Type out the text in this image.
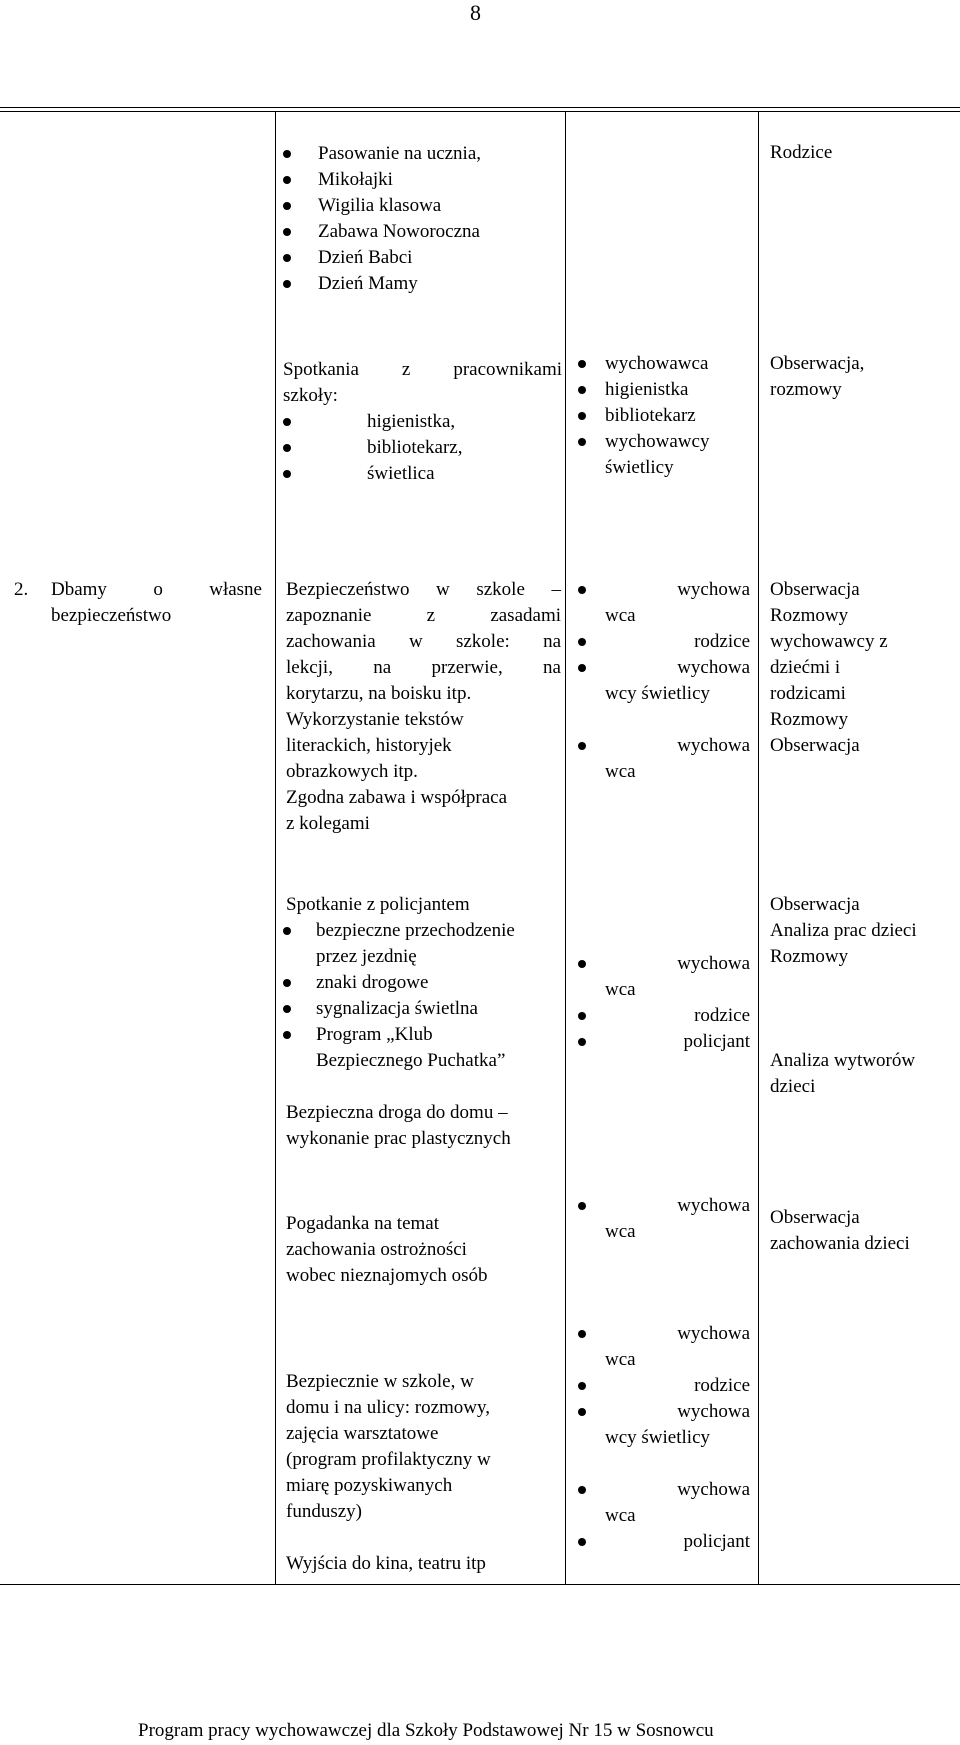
8
Pasowanie na ucznia,
Mikołajki
Wigilia klasowa
Zabawa Noworoczna
Dzień Babci
Dzień Mamy
Rodzice
Spotkania z pracownikami
szkoły:
higienistka,
bibliotekarz,
świetlica
wychowawca
higienistka
bibliotekarz
wychowawcy
świetlicy
Obserwacja,
rozmowy
2.	Dbamy o własne
bezpieczeństwo
Bezpieczeństwo w szkole –
zapoznanie z zasadami
zachowania w szkole: na
lekcji, na przerwie, na
korytarzu, na boisku itp.
Wykorzystanie tekstów
literackich, historyjek
obrazkowych itp.
Zgodna zabawa i współpraca
z kolegami
wychowa
wca
rodzice
wychowa
wcy świetlicy
wychowa
wca
Obserwacja
Rozmowy
wychowawcy z
dziećmi i
rodzicami
Rozmowy
Obserwacja
Spotkanie z policjantem
bezpieczne przechodzenie
przez jezdnię
znaki drogowe
sygnalizacja świetlna
Program „Klub
Bezpiecznego Puchatka”
Bezpieczna droga do domu –
wykonanie prac plastycznych
wychowa
wca
rodzice
policjant
Obserwacja
Analiza prac dzieci
Rozmowy
Analiza wytworów
dzieci
Pogadanka na temat
zachowania ostrożności
wobec nieznajomych osób
wychowa
wca
Obserwacja
zachowania dzieci
Bezpiecznie w szkole, w
domu i na ulicy: rozmowy,
zajęcia warsztatowe
(program profilaktyczny w
miarę pozyskiwanych
funduszy)
Wyjścia do kina, teatru itp
wychowa
wca
rodzice
wychowa
wcy świetlicy
wychowa
wca
policjant
Program pracy wychowawczej dla Szkoły Podstawowej Nr 15 w Sosnowcu
